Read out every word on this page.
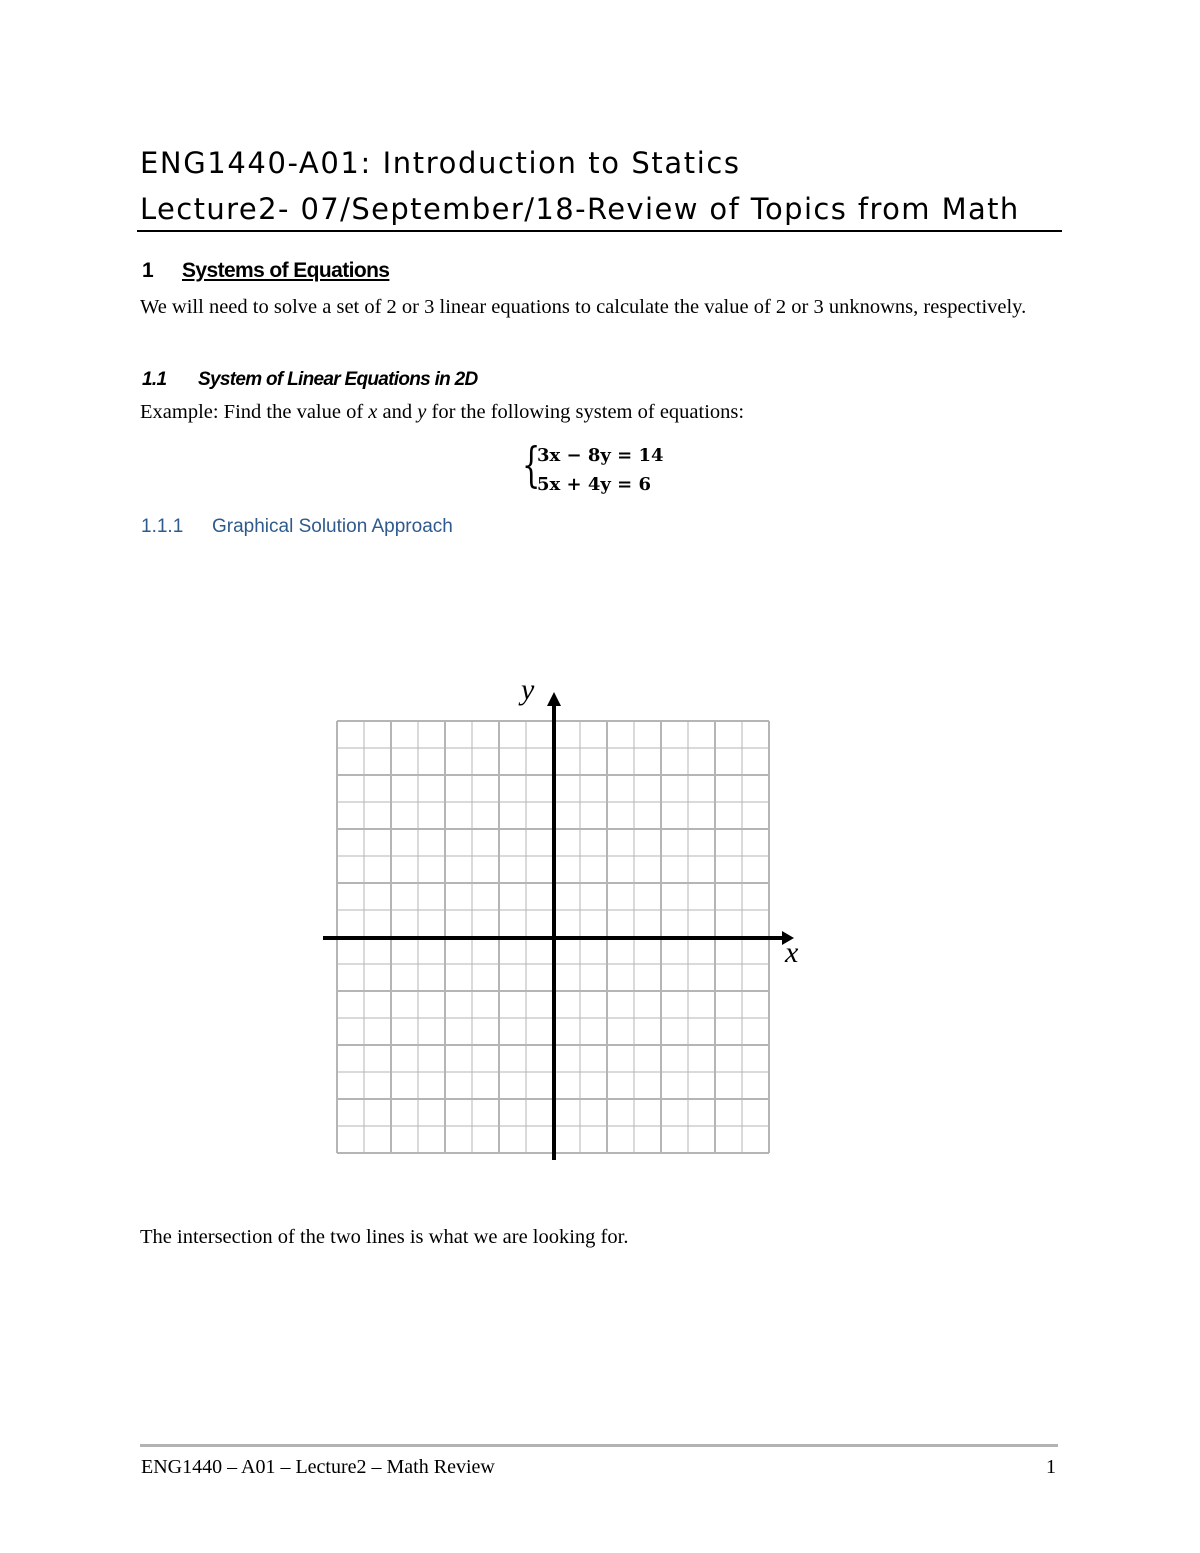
ENG1440-A01: Introduction to Statics
Lecture2- 07/September/18-Review of Topics from Math
1 Systems of Equations

We will need to solve a set of 2 or 3 linear equations to calculate the value of 2 or 3 unknowns, respectively.

1.1 System of Linear Equations in 2D

Example: Find the value of x and y for the following system of equations:

{
3x − 8y = 14
5x + 4y = 6
1.1.1 Graphical Solution Approach
y
x

The intersection of the two lines is what we are looking for.

ENG1440 – A01 – Lecture2 – Math Review	1
